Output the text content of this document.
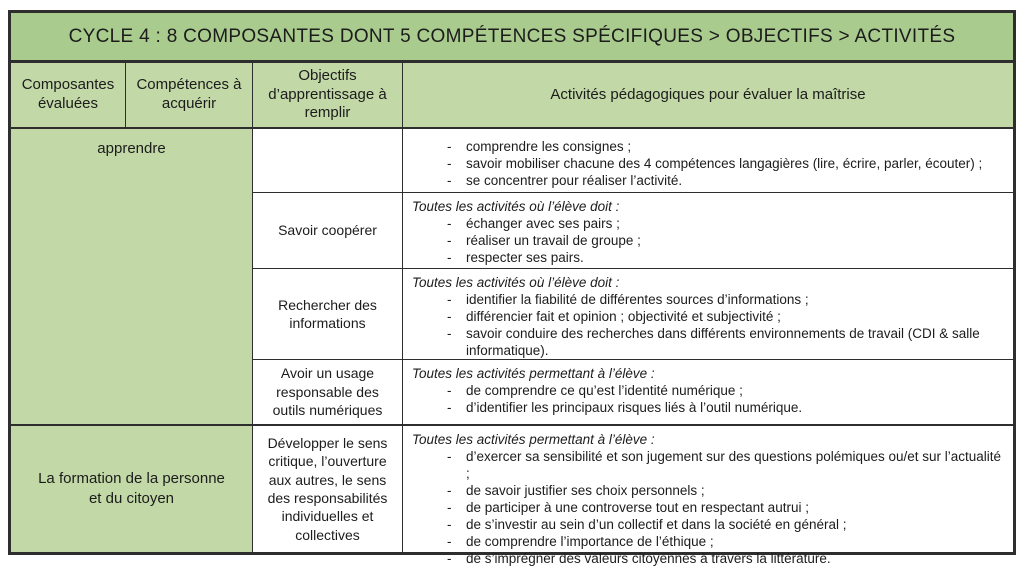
CYCLE 4 : 8 COMPOSANTES DONT 5 COMPÉTENCES SPÉCIFIQUES > OBJECTIFS > ACTIVITÉS
Composantes évaluées
Compétences à acquérir
Objectifs d’apprentissage à remplir
Activités pédagogiques pour évaluer la maîtrise
apprendre	- comprendre les consignes ;
- savoir mobiliser chacune des 4 compétences langagières (lire, écrire, parler, écouter) ;
- se concentrer pour réaliser l’activité.
Savoir coopérer
Toutes les activités où l’élève doit :
- échanger avec ses pairs ;
- réaliser un travail de groupe ;
- respecter ses pairs.
Rechercher des informations
Toutes les activités où l’élève doit :
- identifier la fiabilité de différentes sources d’informations ;
- différencier fait et opinion ; objectivité et subjectivité ;
- savoir conduire des recherches dans différents environnements de travail (CDI & salle informatique).
Avoir un usage responsable des outils numériques
Toutes les activités permettant à l’élève :
- de comprendre ce qu’est l’identité numérique ;
- d’identifier les principaux risques liés à l’outil numérique.
La formation de la personne et du citoyen
Développer le sens critique, l’ouverture aux autres, le sens des responsabilités individuelles et collectives
Toutes les activités permettant à l’élève :
- d’exercer sa sensibilité et son jugement sur des questions polémiques ou/et sur l’actualité ;
- de savoir justifier ses choix personnels ;
- de participer à une controverse tout en respectant autrui ;
- de s’investir au sein d’un collectif et dans la société en général ;
- de comprendre l’importance de l’éthique ;
- de s’imprégner des valeurs citoyennes à travers la littérature.
